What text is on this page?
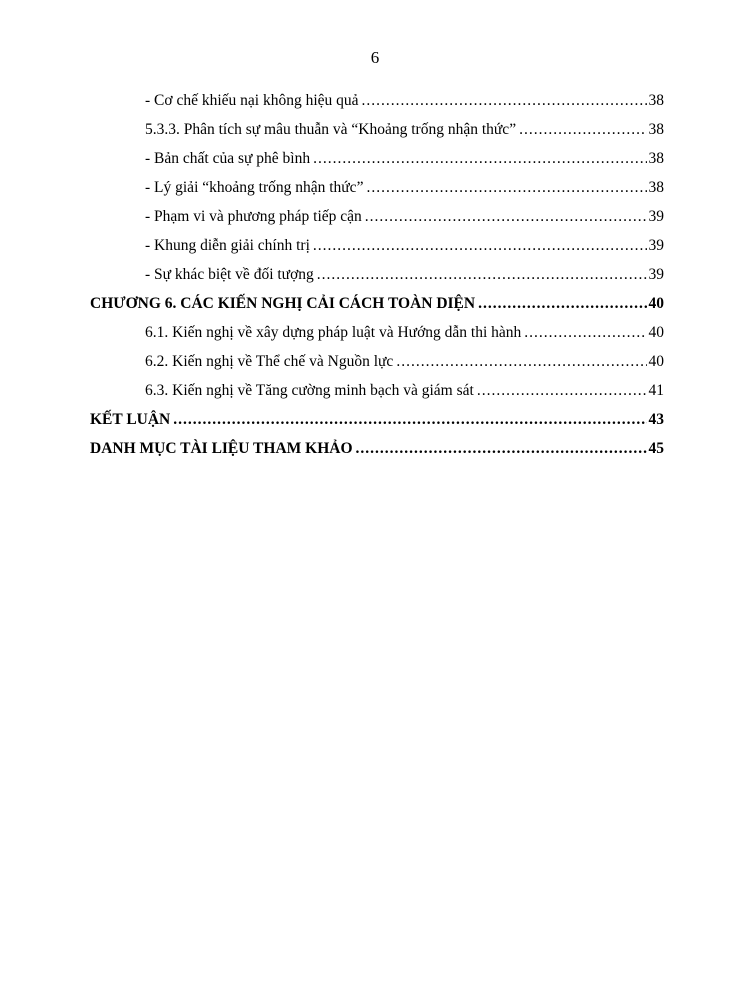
6
- Cơ chế khiếu nại không hiệu quả .....	38
5.3.3. Phân tích sự mâu thuẫn và “Khoảng trống nhận thức” .....	38
- Bản chất của sự phê bình .....	38
- Lý giải “khoảng trống nhận thức” .....	38
- Phạm vi và phương pháp tiếp cận .....	39
- Khung diễn giải chính trị .....	39
- Sự khác biệt về đối tượng .....	39
CHƯƠNG 6. CÁC KIẾN NGHỊ CẢI CÁCH TOÀN DIỆN .....	40
6.1. Kiến nghị về xây dựng pháp luật và Hướng dẫn thi hành .....	40
6.2. Kiến nghị về Thể chế và Nguồn lực .....	40
6.3. Kiến nghị về Tăng cường minh bạch và giám sát .....	41
KẾT LUẬN .....	43
DANH MỤC TÀI LIỆU THAM KHẢO .....	45
